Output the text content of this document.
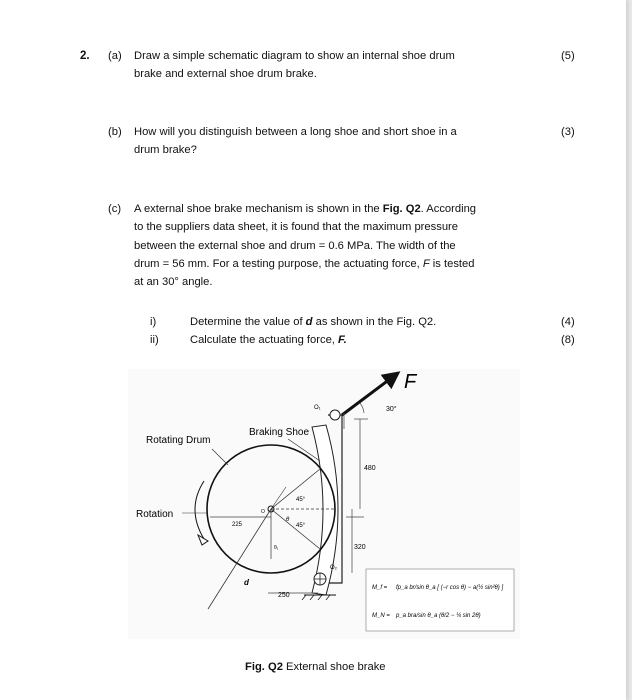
2. (a) Draw a simple schematic diagram to show an internal shoe drum
brake and external shoe drum brake.
(5)
(b) How will you distinguish between a long shoe and short shoe in a
drum brake?
(3)
(c) A external shoe brake mechanism is shown in the Fig. Q2. According
to the suppliers data sheet, it is found that the maximum pressure
between the external shoe and drum = 0.6 MPa. The width of the
drum = 56 mm. For a testing purpose, the actuating force, F is tested
at an 30° angle.
i)	Determine the value of d as shown in the Fig. Q2.	(4)
ii)	Calculate the actuating force, F.	(8)
F
30°
O₁
Braking Shoe
Rotating Drum
45°
45°
θ
θ₁
O
Rotation
480
320
225
250
d
O₂
M_f = fp_a br/sin θ_a [ (−r cos θ) − a(½ sin²θ) ]
M_N = p_a bra/sin θ_a (θ/2 − ¼ sin 2θ)
Fig. Q2 External shoe brake
